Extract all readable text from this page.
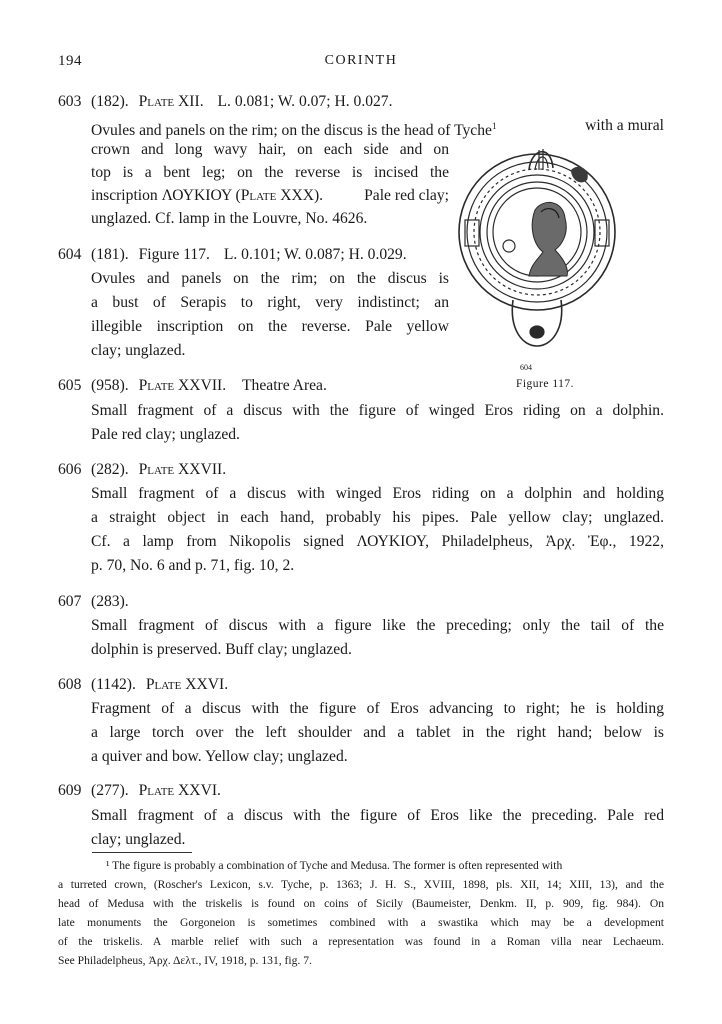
194	CORINTH
603 (182). Plate XII. L. 0.081; W. 0.07; H. 0.027.
Ovules and panels on the rim; on the discus is the head of Tyche$^1$	with a mural
crown and long wavy hair, on each side and on
top is a bent leg; on the reverse is incised the
inscription ΛΟΥΚΙΟΥ (Plate XXX).	Pale red clay;
unglazed. Cf. lamp in the Louvre, No. 4626.
604 (181). Figure 117. L. 0.101; W. 0.087; H. 0.029.
Ovules and panels on the rim; on the discus is
a bust of Serapis to right, very indistinct; an
illegible inscription on the reverse. Pale yellow
clay; unglazed.
604
Figure 117.
605 (958). Plate XXVII. Theatre Area.
Small fragment of a discus with the figure of winged Eros riding on a dolphin.
Pale red clay; unglazed.
606 (282). Plate XXVII.
Small fragment of a discus with winged Eros riding on a dolphin and holding
a straight object in each hand, probably his pipes. Pale yellow clay; unglazed.
Cf. a lamp from Nikopolis signed ΛΟΥΚΙΟΥ, Philadelpheus, Ἀρχ. Ἐφ., 1922,
p. 70, No. 6 and p. 71, fig. 10, 2.
607 (283).
Small fragment of discus with a figure like the preceding; only the tail of the
dolphin is preserved. Buff clay; unglazed.
608 (1142). Plate XXVI.
Fragment of a discus with the figure of Eros advancing to right; he is holding
a large torch over the left shoulder and a tablet in the right hand; below is
a quiver and bow. Yellow clay; unglazed.
609 (277). Plate XXVI.
Small fragment of a discus with the figure of Eros like the preceding. Pale red
clay; unglazed.
¹ The figure is probably a combination of Tyche and Medusa. The former is often represented with
a turreted crown, (Roscher's Lexicon, s.v. Tyche, p. 1363; J. H. S., XVIII, 1898, pls. XII, 14; XIII, 13), and the
head of Medusa with the triskelis is found on coins of Sicily (Baumeister, Denkm. II, p. 909, fig. 984). On
late monuments the Gorgoneion is sometimes combined with a swastika which may be a development
of the triskelis. A marble relief with such a representation was found in a Roman villa near Lechaeum.
See Philadelpheus, Ἀρχ. Δελτ., IV, 1918, p. 131, fig. 7.
